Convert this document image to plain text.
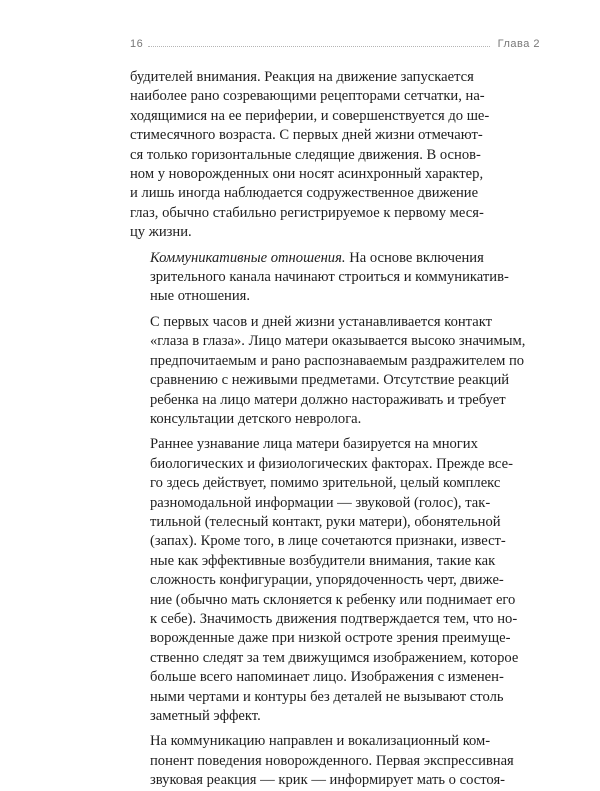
16	Глава 2

будителей внимания. Реакция на движение запускается
наиболее рано созревающими рецепторами сетчатки, на-
ходящимися на ее периферии, и совершенствуется до ше-
стимесячного возраста. С первых дней жизни отмечают-
ся только горизонтальные следящие движения. В основ-
ном у новорожденных они носят асинхронный характер,
и лишь иногда наблюдается содружественное движение
глаз, обычно стабильно регистрируемое к первому меся-
цу жизни.

Коммуникативные отношения. На основе включения
зрительного канала начинают строиться и коммуникатив-
ные отношения.

С первых часов и дней жизни устанавливается контакт
«глаза в глаза». Лицо матери оказывается высоко значимым,
предпочитаемым и рано распознаваемым раздражителем по
сравнению с неживыми предметами. Отсутствие реакций
ребенка на лицо матери должно настораживать и требует
консультации детского невролога.

Раннее узнавание лица матери базируется на многих
биологических и физиологических факторах. Прежде все-
го здесь действует, помимо зрительной, целый комплекс
разномодальной информации — звуковой (голос), так-
тильной (телесный контакт, руки матери), обонятельной
(запах). Кроме того, в лице сочетаются признаки, извест-
ные как эффективные возбудители внимания, такие как
сложность конфигурации, упорядоченность черт, движе-
ние (обычно мать склоняется к ребенку или поднимает его
к себе). Значимость движения подтверждается тем, что но-
ворожденные даже при низкой остроте зрения преимуще-
ственно следят за тем движущимся изображением, которое
больше всего напоминает лицо. Изображения с изменен-
ными чертами и контуры без деталей не вызывают столь
заметный эффект.

На коммуникацию направлен и вокализационный ком-
понент поведения новорожденного. Первая экспрессивная
звуковая реакция — крик — информирует мать о состоя-
